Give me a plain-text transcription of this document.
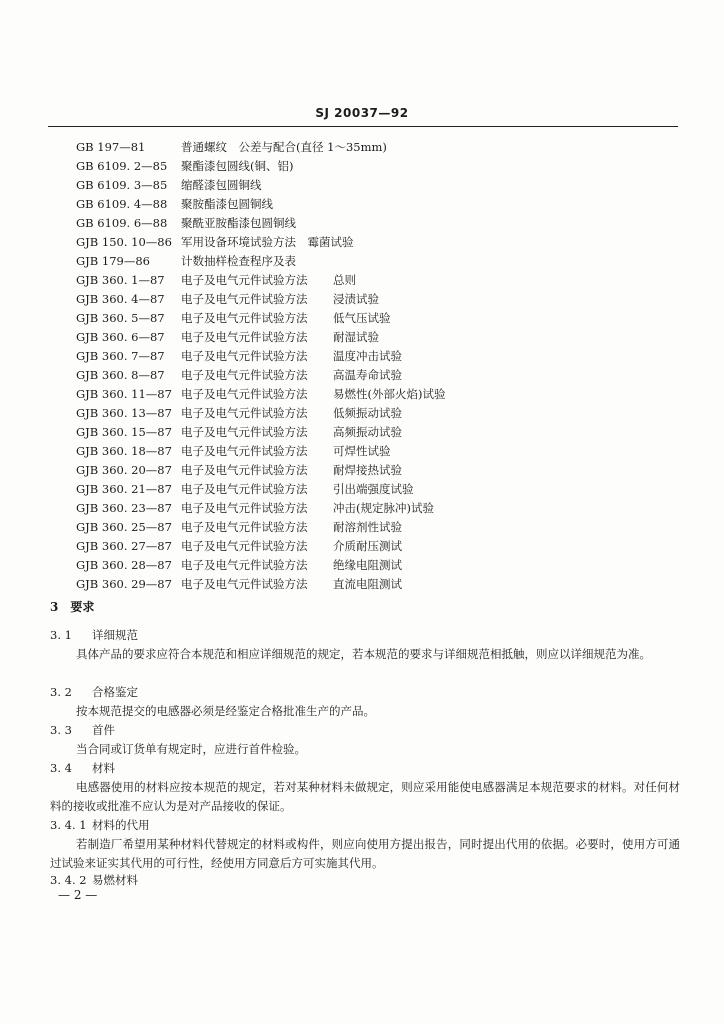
SJ 20037—92
GB 197—81	普通螺纹　公差与配合(直径 1～35mm)
GB 6109. 2—85 聚酯漆包圆线(铜、铝)
GB 6109. 3—85 缩醛漆包圆铜线
GB 6109. 4—88 聚胺酯漆包圆铜线
GB 6109. 6—88 聚酰亚胺酯漆包圆铜线
GJB 150. 10—86 军用设备环境试验方法　霉菌试验
GJB 179—86	计数抽样检查程序及表
GJB 360. 1—87 电子及电气元件试验方法 总则
GJB 360. 4—87 电子及电气元件试验方法 浸渍试验
GJB 360. 5—87 电子及电气元件试验方法 低气压试验
GJB 360. 6—87 电子及电气元件试验方法 耐湿试验
GJB 360. 7—87 电子及电气元件试验方法 温度冲击试验
GJB 360. 8—87 电子及电气元件试验方法 高温寿命试验
GJB 360. 11—87 电子及电气元件试验方法 易燃性(外部火焰)试验
GJB 360. 13—87 电子及电气元件试验方法 低频振动试验
GJB 360. 15—87 电子及电气元件试验方法 高频振动试验
GJB 360. 18—87 电子及电气元件试验方法 可焊性试验
GJB 360. 20—87 电子及电气元件试验方法 耐焊接热试验
GJB 360. 21—87 电子及电气元件试验方法 引出端强度试验
GJB 360. 23—87 电子及电气元件试验方法 冲击(规定脉冲)试验
GJB 360. 25—87 电子及电气元件试验方法 耐溶剂性试验
GJB 360. 27—87 电子及电气元件试验方法 介质耐压测试
GJB 360. 28—87 电子及电气元件试验方法 绝缘电阻测试
GJB 360. 29—87 电子及电气元件试验方法 直流电阻测试
3　要求
3. 1 详细规范
具体产品的要求应符合本规范和相应详细规范的规定，若本规范的要求与详细规范相抵触，则应以详细规范为准。
3. 2 合格鉴定
按本规范提交的电感器必须是经鉴定合格批准生产的产品。
3. 3 首件
当合同或订货单有规定时，应进行首件检验。
3. 4 材料
电感器使用的材料应按本规范的规定，若对某种材料未做规定，则应采用能使电感器满足本规范要求的材料。对任何材料的接收或批准不应认为是对产品接收的保证。
3. 4. 1 材料的代用
若制造厂希望用某种材料代替规定的材料或构件，则应向使用方提出报告，同时提出代用的依据。必要时，使用方可通过试验来证实其代用的可行性，经使用方同意后方可实施其代用。
3. 4. 2 易燃材料
— 2 —
